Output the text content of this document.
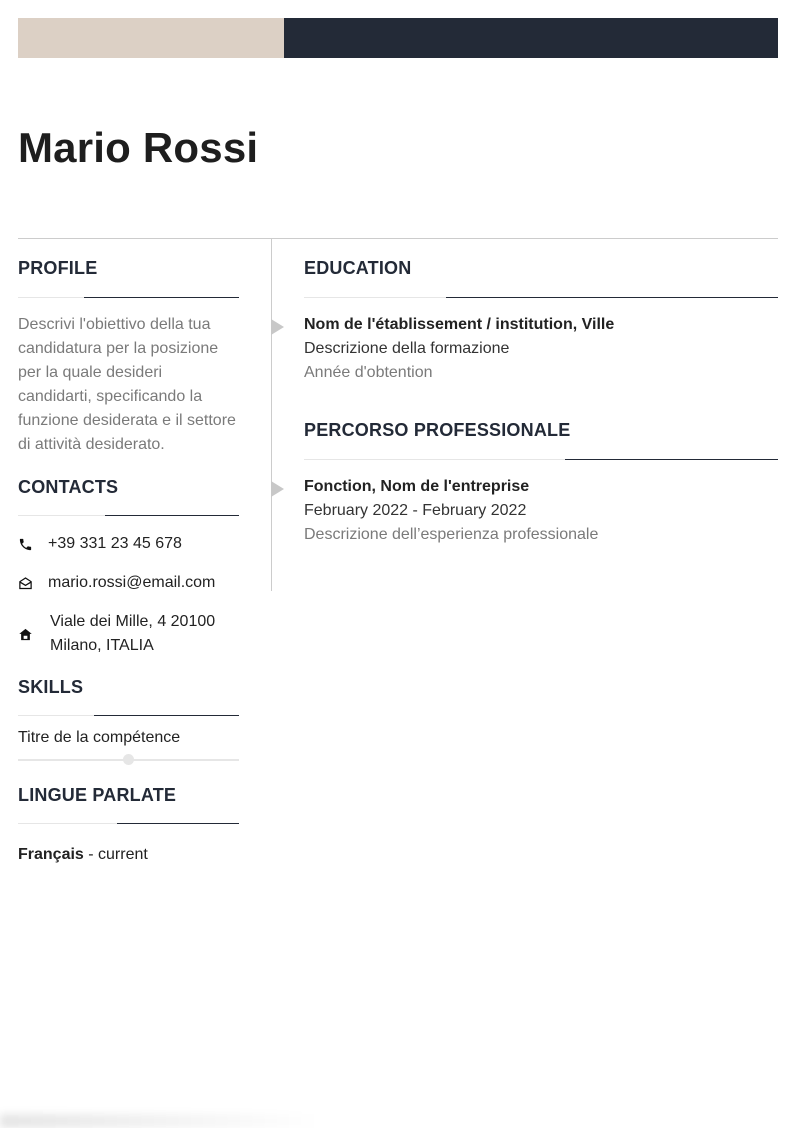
Mario Rossi
PROFILE

Descrivi l'obiettivo della tua candidatura per la posizione per la quale desideri candidarti, specificando la funzione desiderata e il settore di attività desiderato.

CONTACTS
+39 331 23 45 678
mario.rossi@email.com
Viale dei Mille, 4 20100
Milano, ITALIA
SKILLS
Titre de la compétence
LINGUE PARLATE
Français - current
EDUCATION
Nom de l'établissement / institution, Ville
Descrizione della formazione
Année d'obtention
PERCORSO PROFESSIONALE
Fonction, Nom de l'entreprise
February 2022 - February 2022
Descrizione dell’esperienza professionale
